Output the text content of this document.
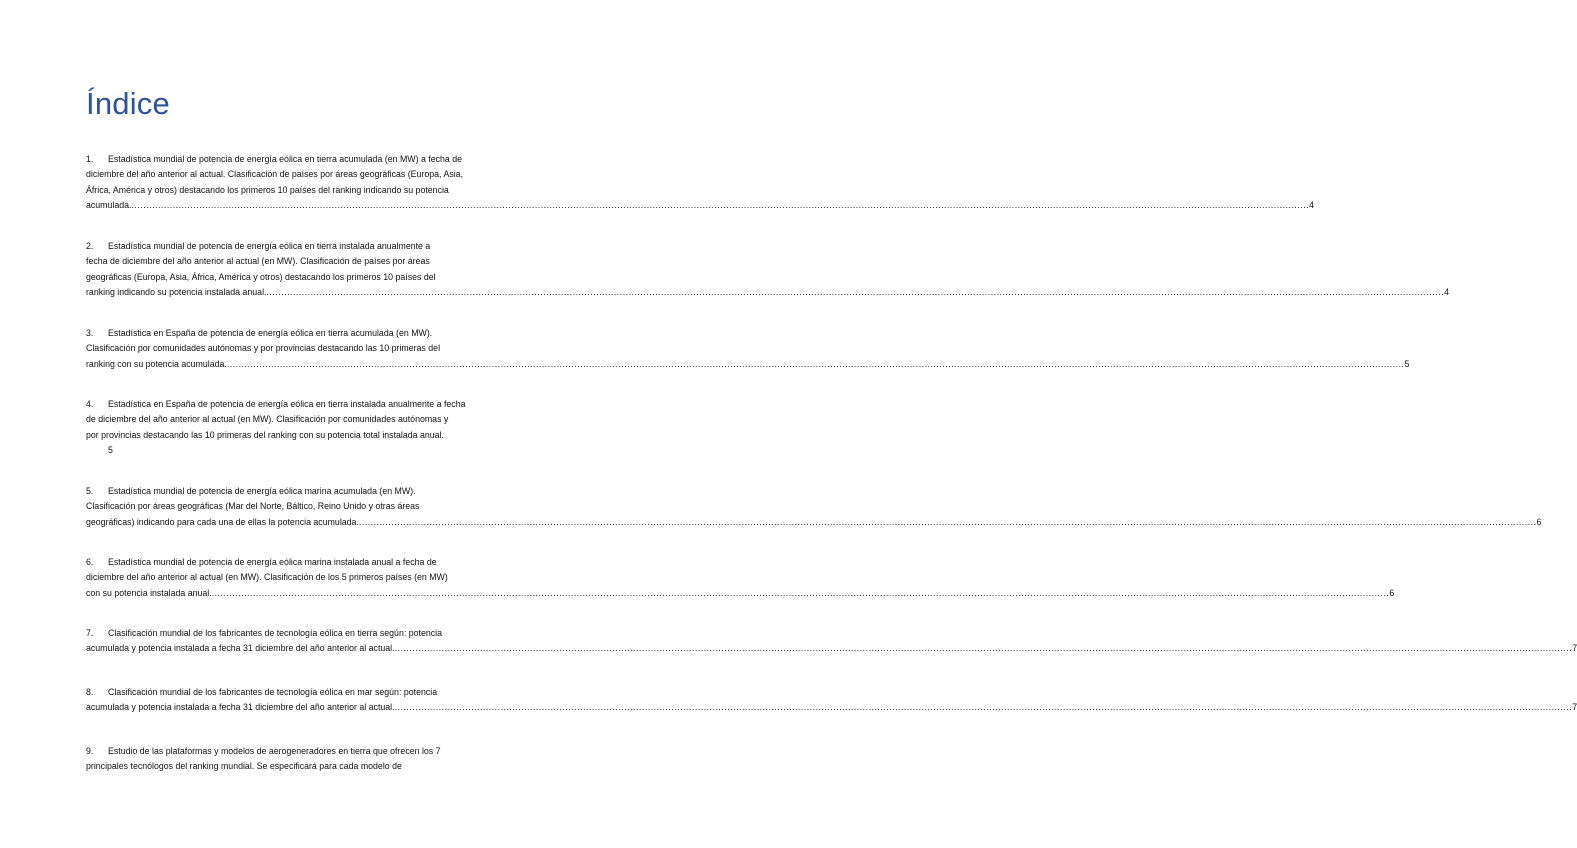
Índice
1. Estadística mundial de potencia de energía eólica en tierra acumulada (en MW) a fecha de
diciembre del año anterior al actual. Clasificación de países por áreas geográficas (Europa, Asia,
África, América y otros) destacando los primeros 10 países del ranking indicando su potencia
acumulada. ................................................................................................................................................................................................................................................................................................................................................................................................................ 4
2. Estadística mundial de potencia de energía eólica en tierra instalada anualmente a
fecha de diciembre del año anterior al actual (en MW). Clasificación de países por áreas
geográficas (Europa, Asia, África, América y otros) destacando los primeros 10 países del
ranking indicando su potencia instalada anual. ................................................................................................................................................................................................................................................................................................................................................................................................................ 4
3. Estadística en España de potencia de energía eólica en tierra acumulada (en MW).
Clasificación por comunidades autónomas y por provincias destacando las 10 primeras del
ranking con su potencia acumulada. ................................................................................................................................................................................................................................................................................................................................................................................................................ 5
4. Estadística en España de potencia de energía eólica en tierra instalada anualmente a fecha
de diciembre del año anterior al actual (en MW). Clasificación por comunidades autónomas y
por provincias destacando las 10 primeras del ranking con su potencia total instalada anual.
5
5. Estadística mundial de potencia de energía eólica marina acumulada (en MW).
Clasificación por áreas geográficas (Mar del Norte, Báltico, Reino Unido y otras áreas
geográficas) indicando para cada una de ellas la potencia acumulada. ................................................................................................................................................................................................................................................................................................................................................................................................................ 6
6. Estadística mundial de potencia de energía eólica marina instalada anual a fecha de
diciembre del año anterior al actual (en MW). Clasificación de los 5 primeros países (en MW)
con su potencia instalada anual. ................................................................................................................................................................................................................................................................................................................................................................................................................ 6
7. Clasificación mundial de los fabricantes de tecnología eólica en tierra según: potencia
acumulada y potencia instalada a fecha 31 diciembre del año anterior al actual. ................................................................................................................................................................................................................................................................................................................................................................................................................ 7
8. Clasificación mundial de los fabricantes de tecnología eólica en mar según: potencia
acumulada y potencia instalada a fecha 31 diciembre del año anterior al actual. ................................................................................................................................................................................................................................................................................................................................................................................................................ 7
9. Estudio de las plataformas y modelos de aerogeneradores en tierra que ofrecen los 7
principales tecnólogos del ranking mundial. Se especificará para cada modelo de
